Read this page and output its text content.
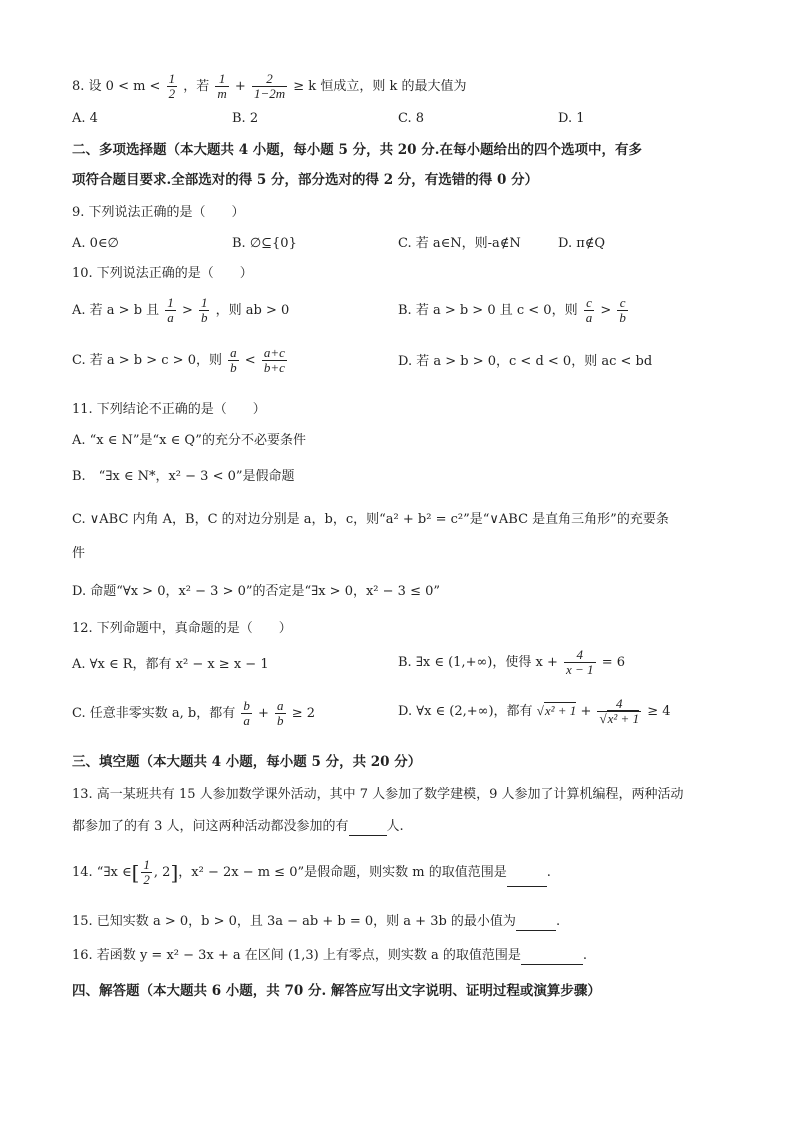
8. 设 $0 < m < \frac{1}{2}$ ，若 $\frac{1}{m} + \frac{2}{1-2m} \ge k$ 恒成立，则 k 的最大值为
A. 4	B. 2	C. 8	D. 1
二、多项选择题（本大题共 4 小题，每小题 5 分，共 20 分.在每小题给出的四个选项中，有多
项符合题目要求.全部选对的得 5 分，部分选对的得 2 分，有选错的得 0 分）
9. 下列说法正确的是（　　）
A. 0∈∅	B. ∅⊆{0}	C. 若 a∈N，则-a∉N	D. π∉Q
10. 下列说法正确的是（　　）
A. 若 a > b 且 $\frac{1}{a} > \frac{1}{b}$ ，则 ab > 0	B. 若 a > b > 0 且 c < 0，则 $\frac{c}{a} > \frac{c}{b}$
C. 若 a > b > c > 0，则 $\frac{a}{b} < \frac{a+c}{b+c}$	D. 若 a > b > 0，c < d < 0，则 ac < bd
11. 下列结论不正确的是（　　）
A. “x ∈ N”是“x ∈ Q”的充分不必要条件
B.　“∃x ∈ N*，x² − 3 < 0”是假命题
C. ∨ABC 内角 A，B，C 的对边分别是 a，b，c，则“a² + b² = c²”是“∨ABC 是直角三角形”的充要条
件
D. 命题“∀x > 0，x² − 3 > 0”的否定是“∃x > 0，x² − 3 ≤ 0”
12. 下列命题中，真命题的是（　　）
A. ∀x ∈ R，都有 x² − x ≥ x − 1	B. ∃x ∈ (1,+∞)，使得 $x + \frac{4}{x - 1} = 6$
C. 任意非零实数 a, b，都有 $\frac{b}{a} + \frac{a}{b} \ge 2$	D. ∀x ∈ (2,+∞)，都有 $√x^2 + 1 + \frac{4}{\text{√x² + 1}} \ge 4$
三、填空题（本大题共 4 小题，每小题 5 分，共 20 分）
13. 高一某班共有 15 人参加数学课外活动，其中 7 人参加了数学建模，9 人参加了计算机编程，两种活动
都参加了的有 3 人，问这两种活动都没参加的有	人.
14. “∃x ∈[ $\frac{1}{2}$ , 2]，x² − 2x − m ≤ 0”是假命题，则实数 m 的取值范围是	.
15. 已知实数 a > 0，b > 0，且 3a − ab + b = 0，则 a + 3b 的最小值为	.
16. 若函数 y = x² − 3x + a 在区间 (1,3) 上有零点，则实数 a 的取值范围是	.
四、解答题（本大题共 6 小题，共 70 分. 解答应写出文字说明、证明过程或演算步骤）
